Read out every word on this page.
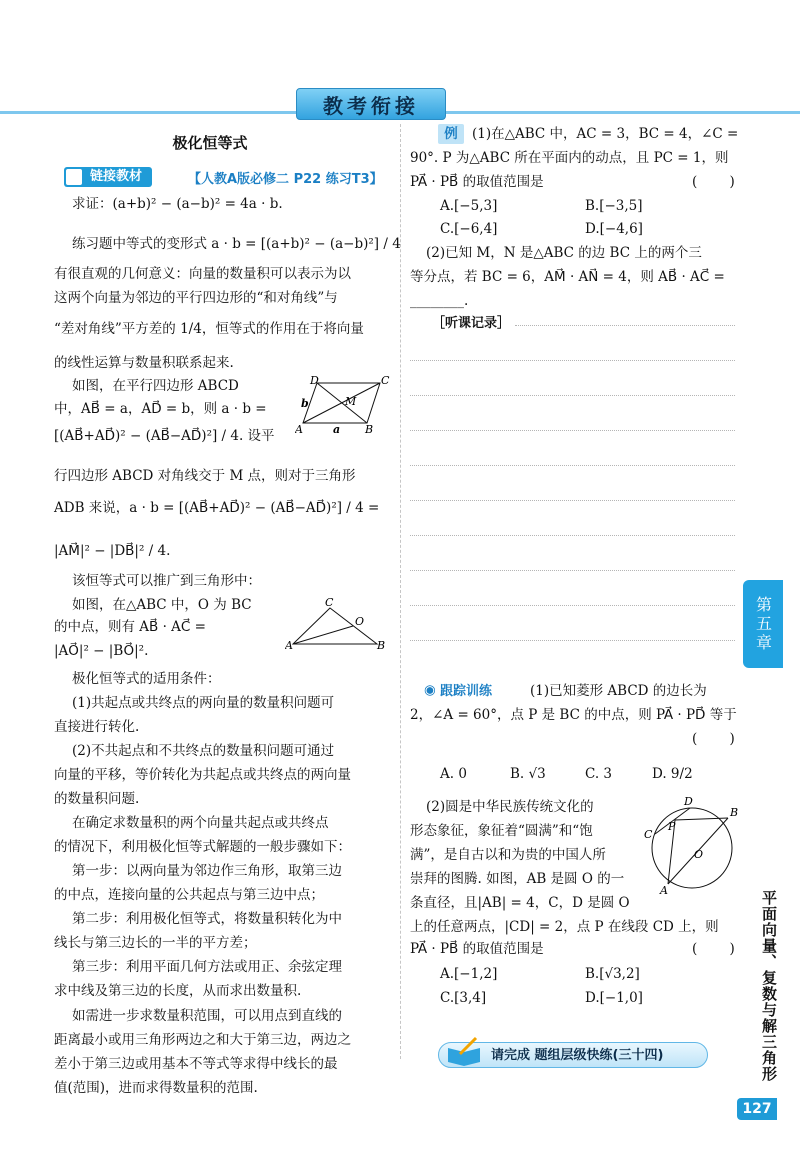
教考衔接
极化恒等式
链接教材	【人教A版必修二 P22 练习T3】
求证：(a+b)² − (a−b)² = 4a · b.
练习题中等式的变形式 a · b = [(a+b)² − (a−b)²] / 4
有很直观的几何意义：向量的数量积可以表示为以
这两个向量为邻边的平行四边形的“和对角线”与
“差对角线”平方差的 1/4，恒等式的作用在于将向量
的线性运算与数量积联系起来.
如图，在平行四边形 ABCD
中，AB⃗ = a，AD⃗ = b，则 a · b =
[(AB⃗+AD⃗)² − (AB⃗−AD⃗)²] / 4. 设平
行四边形 ABCD 对角线交于 M 点，则对于三角形
ADB 来说，a · b = [(AB⃗+AD⃗)² − (AB⃗−AD⃗)²] / 4 =
|AM⃗|² − |DB⃗|² / 4.
该恒等式可以推广到三角形中：
如图，在△ABC 中，O 为 BC
的中点，则有 AB⃗ · AC⃗ =
|AO⃗|² − |BO⃗|².
极化恒等式的适用条件：
(1)共起点或共终点的两向量的数量积问题可
直接进行转化.
(2)不共起点和不共终点的数量积问题可通过
向量的平移，等价转化为共起点或共终点的两向量
的数量积问题.
在确定求数量积的两个向量共起点或共终点
的情况下，利用极化恒等式解题的一般步骤如下：
第一步：以两向量为邻边作三角形，取第三边
的中点，连接向量的公共起点与第三边中点；
第二步：利用极化恒等式，将数量积转化为中
线长与第三边长的一半的平方差；
第三步：利用平面几何方法或用正、余弦定理
求中线及第三边的长度，从而求出数量积.
如需进一步求数量积范围，可以用点到直线的
距离最小或用三角形两边之和大于第三边，两边之
差小于第三边或用基本不等式等求得中线长的最
值(范围)，进而求得数量积的范围.
D	C
M
A	a B
b
C
O
A	B
例	(1)在△ABC 中，AC = 3，BC = 4，∠C =
90°. P 为△ABC 所在平面内的动点，且 PC = 1，则
PA⃗ · PB⃗ 的取值范围是	( )
A.[−5,3]	B.[−3,5]
C.[−6,4]	D.[−4,6]
(2)已知 M，N 是△ABC 的边 BC 上的两个三
等分点，若 BC = 6，AM⃗ · AN⃗ = 4，则 AB⃗ · AC⃗ =
________.
［听课记录］
◉ 跟踪训练	(1)已知菱形 ABCD 的边长为
2，∠A = 60°，点 P 是 BC 的中点，则 PA⃗ · PD⃗ 等于
( )
A. 0	B. √3	C. 3	D. 9/2
(2)圆是中华民族传统文化的
形态象征，象征着“圆满”和“饱
满”，是自古以和为贵的中国人所
崇拜的图腾. 如图，AB 是圆 O 的一
条直径，且|AB| = 4，C，D 是圆 O
上的任意两点，|CD| = 2，点 P 在线段 CD 上，则
PA⃗ · PB⃗ 的取值范围是	( )
A.[−1,2]	B.[√3,2]
C.[3,4]	D.[−1,0]
D
B
C
P
O
A
请完成 题组层级快练(三十四)
第五章
平面向量、复数与解三角形
127
